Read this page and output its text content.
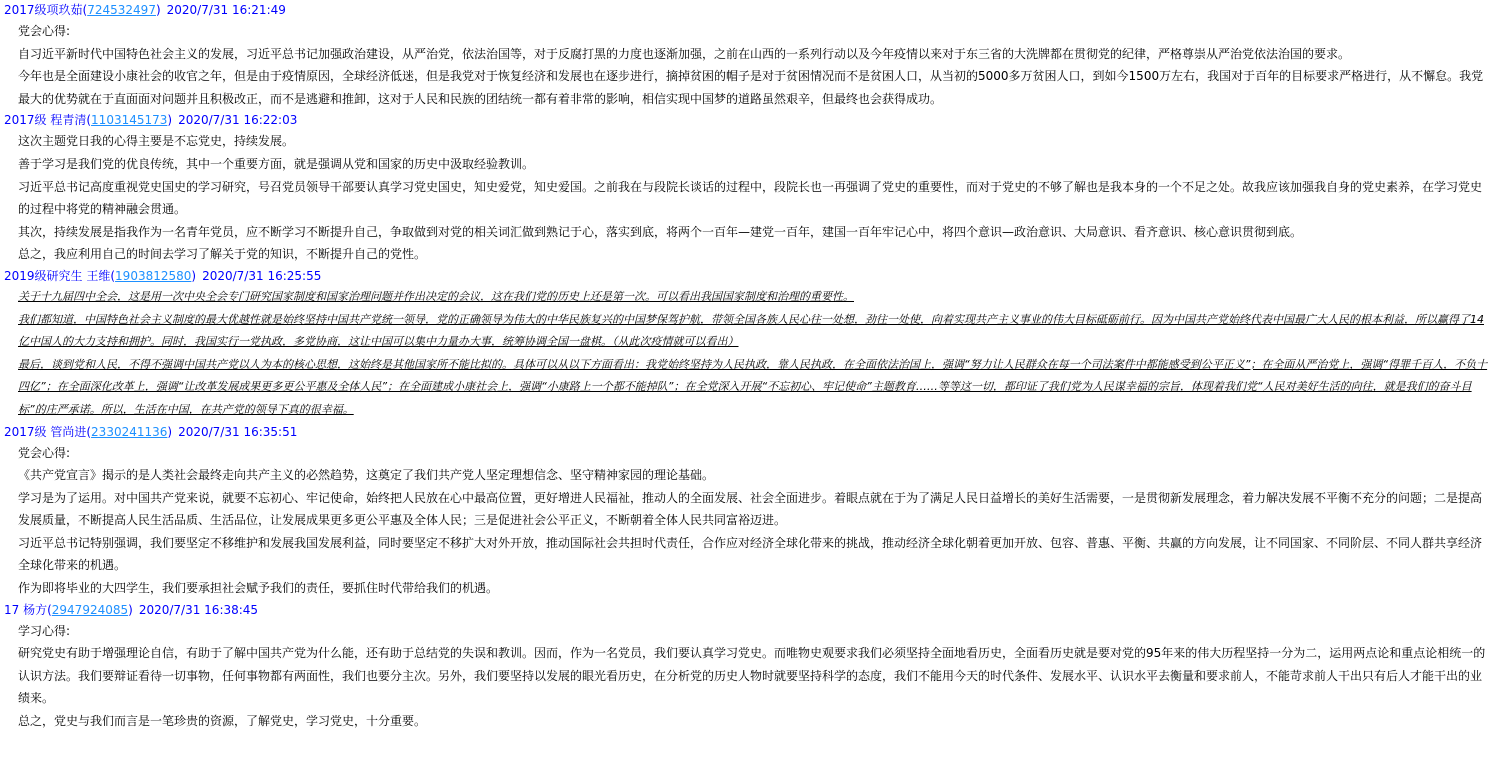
2017级项玖茹(724532497) 2020/7/31 16:21:49
党会心得:
自习近平新时代中国特色社会主义的发展，习近平总书记加强政治建设，从严治党，依法治国等，对于反腐打黑的力度也逐渐加强，之前在山西的一系列行动以及今年疫情以来对于东三省的大洗牌都在贯彻党的纪律，严格尊崇从严治党依法治国的要求。
今年也是全面建设小康社会的收官之年，但是由于疫情原因，全球经济低迷，但是我党对于恢复经济和发展也在逐步进行，摘掉贫困的帽子是对于贫困情况而不是贫困人口，从当初的5000多万贫困人口，到如今1500万左右，我国对于百年的目标要求严格进行，从不懈怠。我党最大的优势就在于直面面对问题并且积极改正，而不是逃避和推卸，这对于人民和民族的团结统一都有着非常的影响，相信实现中国梦的道路虽然艰辛，但最终也会获得成功。
2017级 程青清(1103145173) 2020/7/31 16:22:03
这次主题党日我的心得主要是不忘党史，持续发展。
善于学习是我们党的优良传统，其中一个重要方面，就是强调从党和国家的历史中汲取经验教训。
习近平总书记高度重视党史国史的学习研究，号召党员领导干部要认真学习党史国史，知史爱党，知史爱国。之前我在与段院长谈话的过程中，段院长也一再强调了党史的重要性，而对于党史的不够了解也是我本身的一个不足之处。故我应该加强我自身的党史素养，在学习党史的过程中将党的精神融会贯通。
其次，持续发展是指我作为一名青年党员，应不断学习不断提升自己，争取做到对党的相关词汇做到熟记于心，落实到底，将两个一百年—建党一百年，建国一百年牢记心中，将四个意识—政治意识、大局意识、看齐意识、核心意识贯彻到底。
总之，我应利用自己的时间去学习了解关于党的知识，不断提升自己的党性。
2019级研究生 王维(1903812580) 2020/7/31 16:25:55
关于十九届四中全会，这是用一次中央全会专门研究国家制度和国家治理问题并作出决定的会议，这在我们党的历史上还是第一次。可以看出我国国家制度和治理的重要性。
我们都知道，中国特色社会主义制度的最大优越性就是始终坚持中国共产党统一领导，党的正确领导为伟大的中华民族复兴的中国梦保驾护航，带领全国各族人民心往一处想，劲往一处使，向着实现共产主义事业的伟大目标砥砺前行。因为中国共产党始终代表中国最广大人民的根本利益，所以赢得了14亿中国人的大力支持和拥护。同时，我国实行一党执政，多党协商，这让中国可以集中力量办大事，统筹协调全国一盘棋。（从此次疫情就可以看出）
最后，谈到党和人民，不得不强调中国共产党以人为本的核心思想，这始终是其他国家所不能比拟的。具体可以从以下方面看出：我党始终坚持为人民执政，靠人民执政，在全面依法治国上，强调“努力让人民群众在每一个司法案件中都能感受到公平正义”；在全面从严治党上，强调“得罪千百人，不负十四亿”；在全面深化改革上，强调“让改革发展成果更多更公平惠及全体人民”；在全面建成小康社会上，强调“小康路上一个都不能掉队”；在全党深入开展“不忘初心、牢记使命”主题教育……等等这一切，都印证了我们党为人民谋幸福的宗旨，体现着我们党“人民对美好生活的向往，就是我们的奋斗目标”的庄严承诺。所以，生活在中国，在共产党的领导下真的很幸福。
2017级 管尚进(2330241136) 2020/7/31 16:35:51
党会心得:
《共产党宣言》揭示的是人类社会最终走向共产主义的必然趋势，这奠定了我们共产党人坚定理想信念、坚守精神家园的理论基础。
学习是为了运用。对中国共产党来说，就要不忘初心、牢记使命，始终把人民放在心中最高位置，更好增进人民福祉，推动人的全面发展、社会全面进步。着眼点就在于为了满足人民日益增长的美好生活需要，一是贯彻新发展理念，着力解决发展不平衡不充分的问题；二是提高发展质量，不断提高人民生活品质、生活品位，让发展成果更多更公平惠及全体人民；三是促进社会公平正义，不断朝着全体人民共同富裕迈进。
习近平总书记特别强调，我们要坚定不移维护和发展我国发展利益，同时要坚定不移扩大对外开放，推动国际社会共担时代责任，合作应对经济全球化带来的挑战，推动经济全球化朝着更加开放、包容、普惠、平衡、共赢的方向发展，让不同国家、不同阶层、不同人群共享经济全球化带来的机遇。
作为即将毕业的大四学生，我们要承担社会赋予我们的责任，要抓住时代带给我们的机遇。
17 杨方(2947924085) 2020/7/31 16:38:45
学习心得:
研究党史有助于增强理论自信，有助于了解中国共产党为什么能，还有助于总结党的失误和教训。因而，作为一名党员，我们要认真学习党史。而唯物史观要求我们必须坚持全面地看历史，全面看历史就是要对党的95年来的伟大历程坚持一分为二，运用两点论和重点论相统一的认识方法。我们要辩证看待一切事物，任何事物都有两面性，我们也要分主次。另外，我们要坚持以发展的眼光看历史，在分析党的历史人物时就要坚持科学的态度，我们不能用今天的时代条件、发展水平、认识水平去衡量和要求前人，不能苛求前人干出只有后人才能干出的业绩来。
总之，党史与我们而言是一笔珍贵的资源，了解党史，学习党史，十分重要。
